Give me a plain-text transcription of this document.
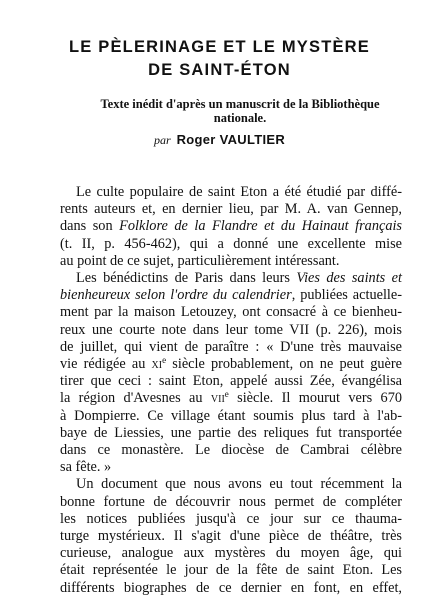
LE PÈLERINAGE ET LE MYSTÈRE
DE SAINT-ÉTON
Texte inédit d'après un manuscrit de la Bibliothèque
nationale.
par Roger VAULTIER
Le culte populaire de saint Eton a été étudié par diffé-
rents auteurs et, en dernier lieu, par M. A. van Gennep,
dans son Folklore de la Flandre et du Hainaut français
(t. II, p. 456-462), qui a donné une excellente mise
au point de ce sujet, particulièrement intéressant.
Les bénédictins de Paris dans leurs Vies des saints et
bienheureux selon l'ordre du calendrier, publiées actuelle-
ment par la maison Letouzey, ont consacré à ce bienheu-
reux une courte note dans leur tome VII (p. 226), mois
de juillet, qui vient de paraître : « D'une très mauvaise
vie rédigée au $xi^e$ siècle probablement, on ne peut guère
tirer que ceci : saint Eton, appelé aussi Zée, évangélisa
la région d'Avesnes au vii$^e$ siècle. Il mourut vers 670
à Dompierre. Ce village étant soumis plus tard à l'ab-
baye de Liessies, une partie des reliques fut transportée
dans ce monastère. Le diocèse de Cambrai célèbre
sa fête. »
Un document que nous avons eu tout récemment la
bonne fortune de découvrir nous permet de compléter
les notices publiées jusqu'à ce jour sur ce thauma-
turge mystérieux. Il s'agit d'une pièce de théâtre, très
curieuse, analogue aux mystères du moyen âge, qui
était représentée le jour de la fête de saint Eton. Les
différents biographes de ce dernier en font, en effet,
